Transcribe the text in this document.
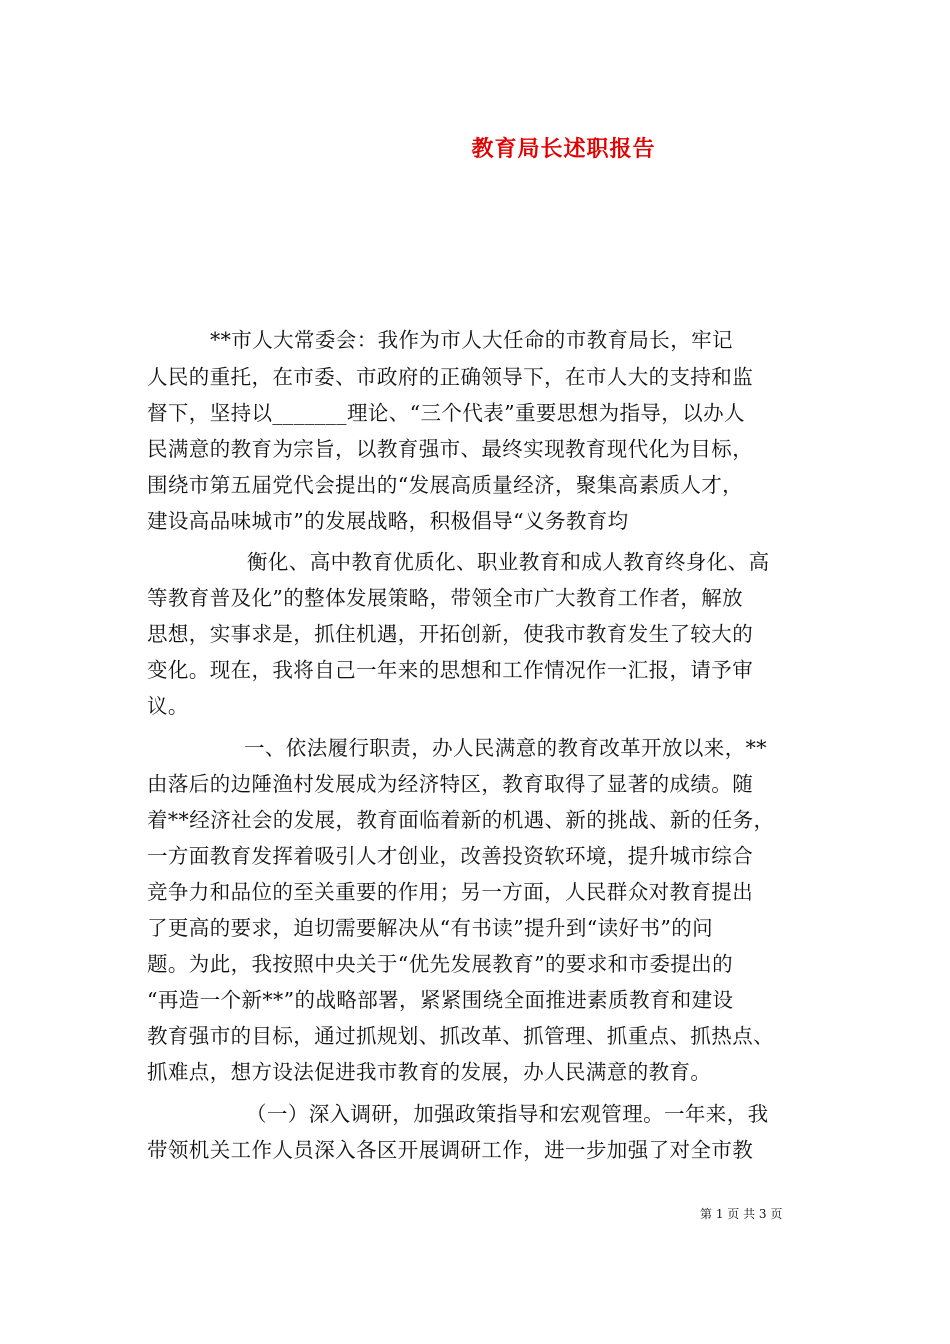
教育局长述职报告
**市人大常委会：我作为市人大任命的市教育局长，牢记
人民的重托，在市委、市政府的正确领导下，在市人大的支持和监
督下，坚持以_______理论、“三个代表”重要思想为指导，以办人
民满意的教育为宗旨，以教育强市、最终实现教育现代化为目标，
围绕市第五届党代会提出的“发展高质量经济，聚集高素质人才，
建设高品味城市”的发展战略，积极倡导“义务教育均
衡化、高中教育优质化、职业教育和成人教育终身化、高
等教育普及化”的整体发展策略，带领全市广大教育工作者，解放
思想，实事求是，抓住机遇，开拓创新，使我市教育发生了较大的
变化。现在，我将自己一年来的思想和工作情况作一汇报，请予审
议。
一、依法履行职责，办人民满意的教育改革开放以来，**
由落后的边陲渔村发展成为经济特区，教育取得了显著的成绩。随
着**经济社会的发展，教育面临着新的机遇、新的挑战、新的任务，
一方面教育发挥着吸引人才创业，改善投资软环境，提升城市综合
竞争力和品位的至关重要的作用；另一方面，人民群众对教育提出
了更高的要求，迫切需要解决从“有书读”提升到“读好书”的问
题。为此，我按照中央关于“优先发展教育”的要求和市委提出的
“再造一个新**”的战略部署，紧紧围绕全面推进素质教育和建设
教育强市的目标，通过抓规划、抓改革、抓管理、抓重点、抓热点、
抓难点，想方设法促进我市教育的发展，办人民满意的教育。
（一）深入调研，加强政策指导和宏观管理。一年来，我
带领机关工作人员深入各区开展调研工作，进一步加强了对全市教
第 1 页 共 3 页
